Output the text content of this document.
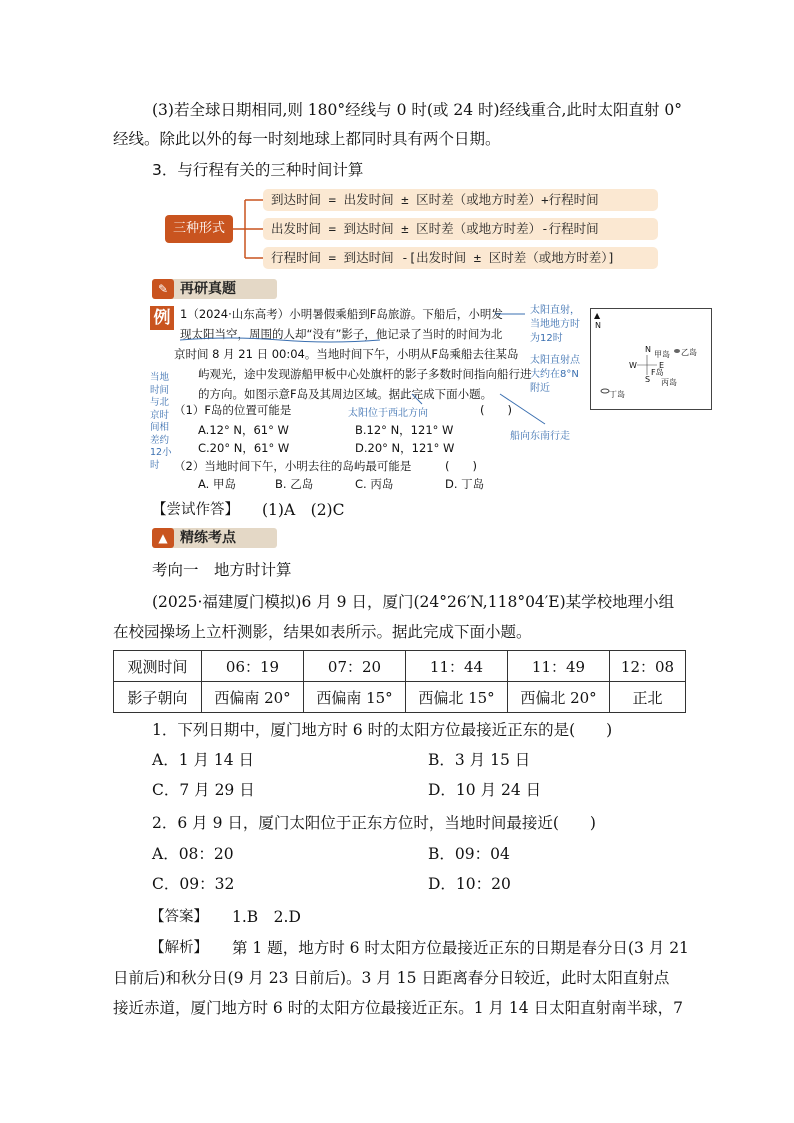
(3)若全球日期相同,则 180°经线与 0 时(或 24 时)经线重合,此时太阳直射 0°
经线。除此以外的每一时刻地球上都同时具有两个日期。
3．与行程有关的三种时间计算
三种形式
到达时间 = 出发时间 ± 区时差（或地方时差）+行程时间
出发时间 = 到达时间 ± 区时差（或地方时差）-行程时间
行程时间 = 到达时间 -[出发时间 ± 区时差（或地方时差）]
✎ 再研真题
例 1（2024·山东高考）小明暑假乘船到F岛旅游。下船后，小明发
现太阳当空，周围的人却“没有”影子，他记录了当时的时间为北
京时间 8 月 21 日 00:04。当地时间下午，小明从F岛乘船去往某岛
屿观光，途中发现游船甲板中心处旗杆的影子多数时间指向船行进
的方向。如图示意F岛及其周边区域。据此完成下面小题。
太阳直射，
当地地方时
为12时
太阳直射点
大约在8°N
附近
当地
时间
与北
京时
间相
差约
12小
时
太阳位于西北方向
船向东南行走
（1）F岛的位置可能是	(　　)
A.12° N，61° W	B.12° N，121° W
C.20° N，61° W	D.20° N，121° W
（2）当地时间下午，小明去往的岛屿最可能是	(　　)
A. 甲岛	B. 乙岛	C. 丙岛	D. 丁岛
▲
N
N
W	E
S
甲岛 乙岛
丙岛
丁岛
F岛
【尝试作答】 (1)A　(2)C
▲ 精练考点
考向一　地方时计算
(2025·福建厦门模拟)6 月 9 日，厦门(24°26′N,118°04′E)某学校地理小组
在校园操场上立杆测影，结果如表所示。据此完成下面小题。
观测时间	06：19	07：20	11：44	11：49	12：08
影子朝向	西偏南 20°	西偏南 15°	西偏北 15°	西偏北 20°	正北
1．下列日期中，厦门地方时 6 时的太阳方位最接近正东的是(　　)
A．1 月 14 日	B．3 月 15 日
C．7 月 29 日	D．10 月 24 日
2．6 月 9 日，厦门太阳位于正东方位时，当地时间最接近(　　)
A．08：20	B．09：04
C．09：32	D．10：20
【答案】 1.B　2.D
【解析】 第 1 题，地方时 6 时太阳方位最接近正东的日期是春分日(3 月 21
日前后)和秋分日(9 月 23 日前后)。3 月 15 日距离春分日较近，此时太阳直射点
接近赤道，厦门地方时 6 时的太阳方位最接近正东。1 月 14 日太阳直射南半球，7
